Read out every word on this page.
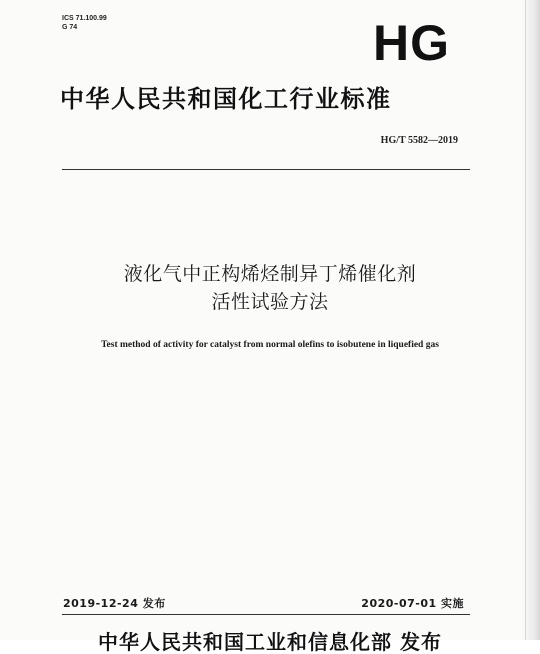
ICS 71.100.99
G 74	HG
中华人民共和国化工行业标准
HG/T 5582—2019
液化气中正构烯烃制异丁烯催化剂
活性试验方法
Test method of activity for catalyst from normal olefins to isobutene in liquefied gas
2019-12-24 发布	2020-07-01 实施
中华人民共和国工业和信息化部 发布
